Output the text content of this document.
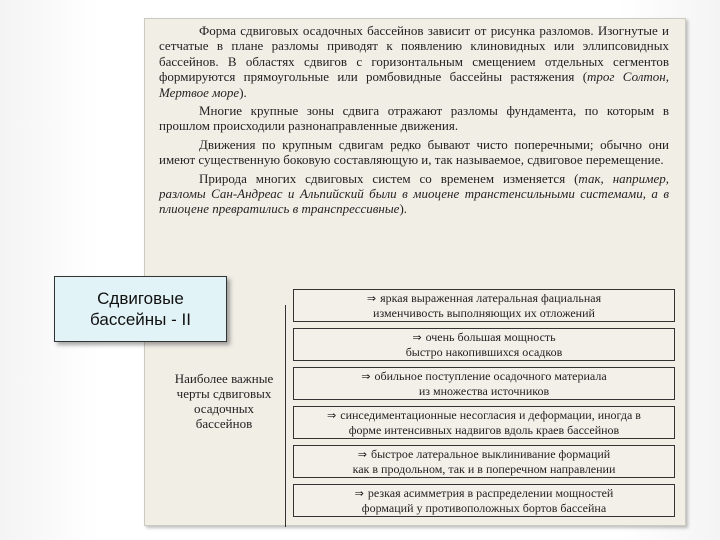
Форма сдвиговых осадочных бассейнов зависит от рисунка разломов. Изогнутые и сетчатые в плане разломы приводят к появлению клиновидных или эллипсовидных бассейнов. В областях сдвигов с горизонтальным смещением отдельных сегментов формируются прямоугольные или ромбовидные бассейны растяжения (трог Солтон, Мертвое море).

Многие крупные зоны сдвига отражают разломы фундамента, по которым в прошлом происходили разнонаправленные движения.

Движения по крупным сдвигам редко бывают чисто поперечными; обычно они имеют существенную боковую составляющую и, так называемое, сдвиговое перемещение.

Природа многих сдвиговых систем со временем изменяется (так, например, разломы Сан-Андреас и Альпийский были в миоцене транстенсильными системами, а в плиоцене превратились в транспрессивные).

Наиболее важные черты сдвиговых осадочных бассейнов
⇒ яркая выраженная латеральная фациальная
изменчивость выполняющих их отложений
⇒ очень большая мощность
быстро накопившихся осадков
⇒ обильное поступление осадочного материала
из множества источников
⇒ синседиментационные несогласия и деформации, иногда в
форме интенсивных надвигов вдоль краев бассейнов
⇒ быстрое латеральное выклинивание формаций
как в продольном, так и в поперечном направлении
⇒ резкая асимметрия в распределении мощностей
формаций у противоположных бортов бассейна
Сдвиговые
бассейны - II
